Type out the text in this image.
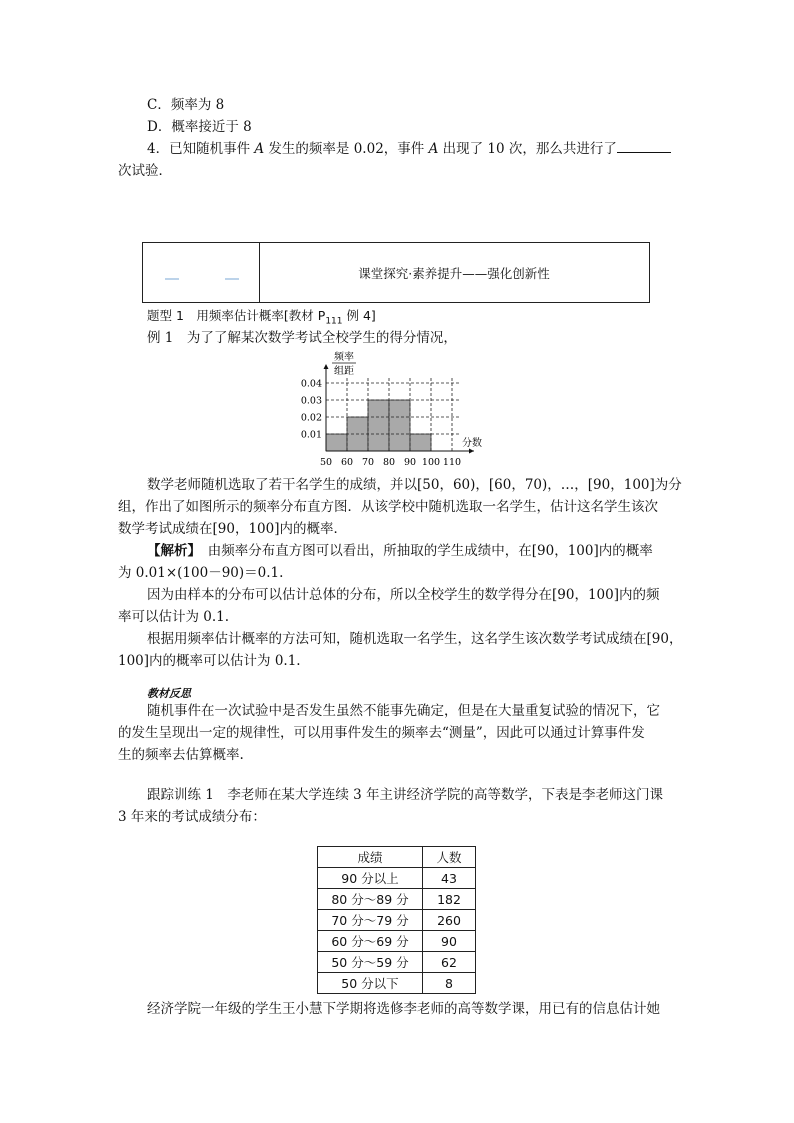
C．频率为 8
D．概率接近于 8
4．已知随机事件 A 发生的频率是 0.02，事件 A 出现了 10 次，那么共进行了
次试验．
课堂探究·素养提升——强化创新性
题型 1　用频率估计概率[教材 $P_{111}$ 例 4]
例 1　为了了解某次数学考试全校学生的得分情况，
0.01
0.02
0.03
0.04
50 60 70 80 90 100 110
频率
组距
分数
数学老师随机选取了若干名学生的成绩，并以[50，60)，[60，70)，…，[90，100]为分
组，作出了如图所示的频率分布直方图．从该学校中随机选取一名学生，估计这名学生该次
数学考试成绩在[90，100]内的概率．
【解析】　由频率分布直方图可以看出，所抽取的学生成绩中，在[90，100]内的概率
为 0.01×(100－90)＝0.1.
因为由样本的分布可以估计总体的分布，所以全校学生的数学得分在[90，100]内的频
率可以估计为 0.1.
根据用频率估计概率的方法可知，随机选取一名学生，这名学生该次数学考试成绩在[90，
100]内的概率可以估计为 0.1.
教材反思
随机事件在一次试验中是否发生虽然不能事先确定，但是在大量重复试验的情况下，它
的发生呈现出一定的规律性，可以用事件发生的频率去“测量”，因此可以通过计算事件发
生的频率去估算概率.
跟踪训练 1　李老师在某大学连续 3 年主讲经济学院的高等数学，下表是李老师这门课
3 年来的考试成绩分布：
成绩	人数
90 分以上	43
80 分～89 分	182
70 分～79 分	260
60 分～69 分	90
50 分～59 分	62
50 分以下	8
经济学院一年级的学生王小慧下学期将选修李老师的高等数学课，用已有的信息估计她
